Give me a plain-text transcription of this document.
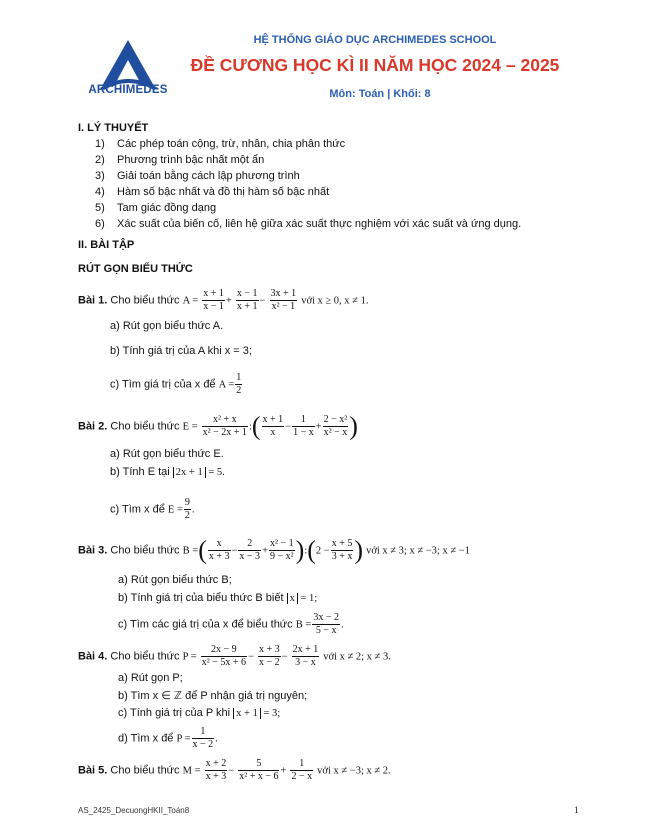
ARCHIMEDES
HỆ THỐNG GIÁO DỤC ARCHIMEDES SCHOOL
ĐỀ CƯƠNG HỌC KÌ II NĂM HỌC 2024 – 2025
Môn: Toán | Khối: 8
I. LÝ THUYẾT
1) Các phép toán cộng, trừ, nhân, chia phân thức
2) Phương trình bậc nhất một ẩn
3) Giải toán bằng cách lập phương trình
4) Hàm số bậc nhất và đồ thị hàm số bậc nhất
5) Tam giác đồng dạng
6) Xác suất của biến cố, liên hệ giữa xác suất thực nghiệm với xác suất và ứng dụng.
II. BÀI TẬP
RÚT GỌN BIỂU THỨC
Bài 1. Cho biểu thức $A = \frac{x + 1}{x - 1} + \frac{x - 1}{x + 1} - \frac{3x + 1}{\text{x² − 1}}$ với x ≥ 0, x ≠ 1.
a) Rút gọn biểu thức A.
b) Tính giá trị của A khi x = 3;
c) Tìm giá trị của x để $A = \frac{1}{2}$
Bài 2. Cho biểu thức $E = \frac{\text{x² + x}}{\text{x² − 2x + 1}}$ :( $\frac{x + 1}{x} - \frac{1}{1 - x} + \frac{\text{2 − x²}}{\text{x² − x}}$ )
a) Rút gọn biểu thức E.
b) Tính E tại 2x + 1 = 5.
c) Tìm x để $E = \frac{9}{2}$ .
Bài 3. Cho biểu thức B =( $\frac{x}{x + 3} - \frac{2}{x - 3} + \frac{\text{x² − 1}}{\text{9 − x²}}$ ):(2 − $\frac{x + 5}{3 + x}$ ) với x ≠ 3; x ≠ −3; x ≠ −1
a) Rút gọn biểu thức B;
b) Tính giá trị của biểu thức B biết x = 1;
c) Tìm các giá trị của x để biểu thức $B = \frac{3x - 2}{5 - x}$ .
Bài 4. Cho biểu thức $P = \frac{2x - 9}{\text{x² − 5x + 6}} - \frac{x + 3}{x - 2} - \frac{2x + 1}{3 - x}$ với x ≠ 2; x ≠ 3.
a) Rút gọn P;
b) Tìm x ∈ ℤ để P nhận giá trị nguyên;
c) Tính giá trị của P khi x + 1 = 3;
d) Tìm x để $P = \frac{1}{x - 2}$ .
Bài 5. Cho biểu thức $M = \frac{x + 2}{x + 3} - \frac{5}{\text{x² + x − 6}} + \frac{1}{2 - x}$ với x ≠ −3; x ≠ 2.
AS_2425_DecuongHKII_Toán8	1
